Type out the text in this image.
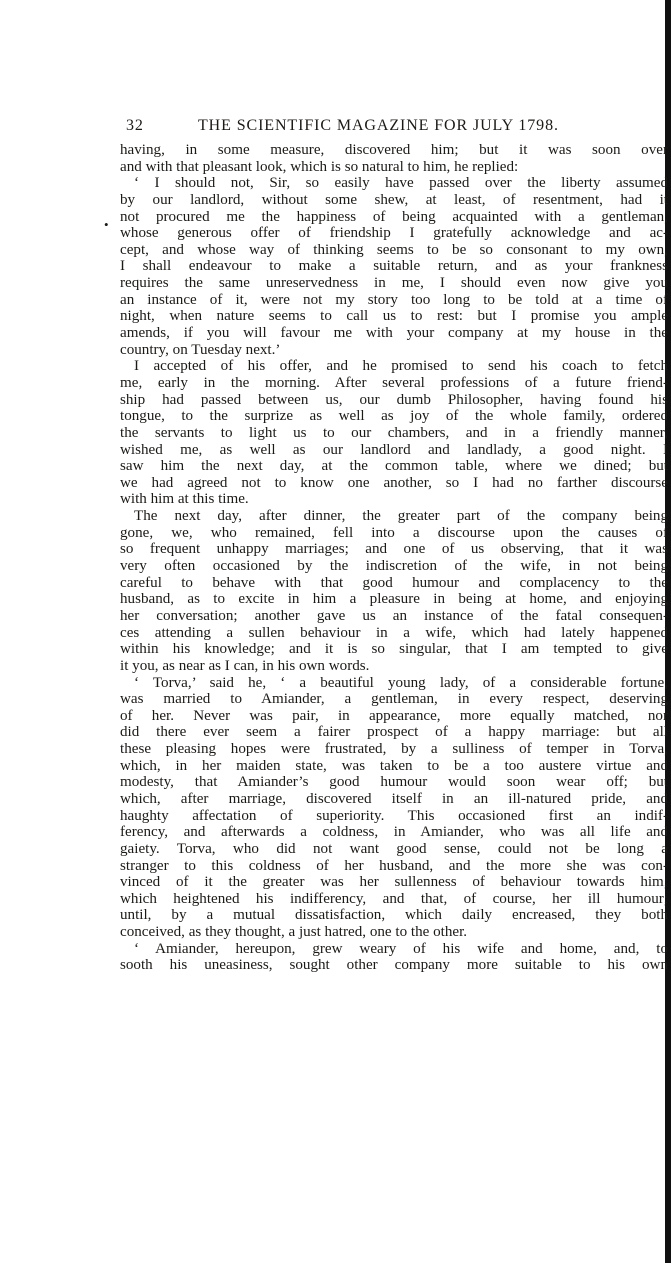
32	THE SCIENTIFIC MAGAZINE FOR JULY 1798.
•
having, in some measure, discovered him; but it was soon over
and with that pleasant look, which is so natural to him, he replied:
‘ I should not, Sir, so easily have passed over the liberty assumed
by our landlord, without some shew, at least, of resentment, had it
not procured me the happiness of being acquainted with a gentleman,
whose generous offer of friendship I gratefully acknowledge and ac-
cept, and whose way of thinking seems to be so consonant to my own,
I shall endeavour to make a suitable return, and as your frankness
requires the same unreservedness in me, I should even now give you
an instance of it, were not my story too long to be told at a time of
night, when nature seems to call us to rest: but I promise you ample
amends, if you will favour me with your company at my house in the
country, on Tuesday next.’
I accepted of his offer, and he promised to send his coach to fetch
me, early in the morning. After several professions of a future friend-
ship had passed between us, our dumb Philosopher, having found his
tongue, to the surprize as well as joy of the whole family, ordered
the servants to light us to our chambers, and in a friendly manner,
wished me, as well as our landlord and landlady, a good night. I
saw him the next day, at the common table, where we dined; but
we had agreed not to know one another, so I had no farther discourse
with him at this time.
The next day, after dinner, the greater part of the company being
gone, we, who remained, fell into a discourse upon the causes of
so frequent unhappy marriages; and one of us observing, that it was
very often occasioned by the indiscretion of the wife, in not being
careful to behave with that good humour and complacency to the
husband, as to excite in him a pleasure in being at home, and enjoying
her conversation; another gave us an instance of the fatal consequen-
ces attending a sullen behaviour in a wife, which had lately happened
within his knowledge; and it is so singular, that I am tempted to give
it you, as near as I can, in his own words.
‘ Torva,’ said he, ‘ a beautiful young lady, of a considerable fortune,
was married to Amiander, a gentleman, in every respect, deserving
of her. Never was pair, in appearance, more equally matched, nor
did there ever seem a fairer prospect of a happy marriage: but all
these pleasing hopes were frustrated, by a sulliness of temper in Torva,
which, in her maiden state, was taken to be a too austere virtue and
modesty, that Amiander’s good humour would soon wear off; but
which, after marriage, discovered itself in an ill-natured pride, and
haughty affectation of superiority. This occasioned first an indif-
ferency, and afterwards a coldness, in Amiander, who was all life and
gaiety. Torva, who did not want good sense, could not be long a
stranger to this coldness of her husband, and the more she was con-
vinced of it the greater was her sullenness of behaviour towards him;
which heightened his indifferency, and that, of course, her ill humour;
until, by a mutual dissatisfaction, which daily encreased, they both
conceived, as they thought, a just hatred, one to the other.
‘ Amiander, hereupon, grew weary of his wife and home, and, to
sooth his uneasiness, sought other company more suitable to his own
